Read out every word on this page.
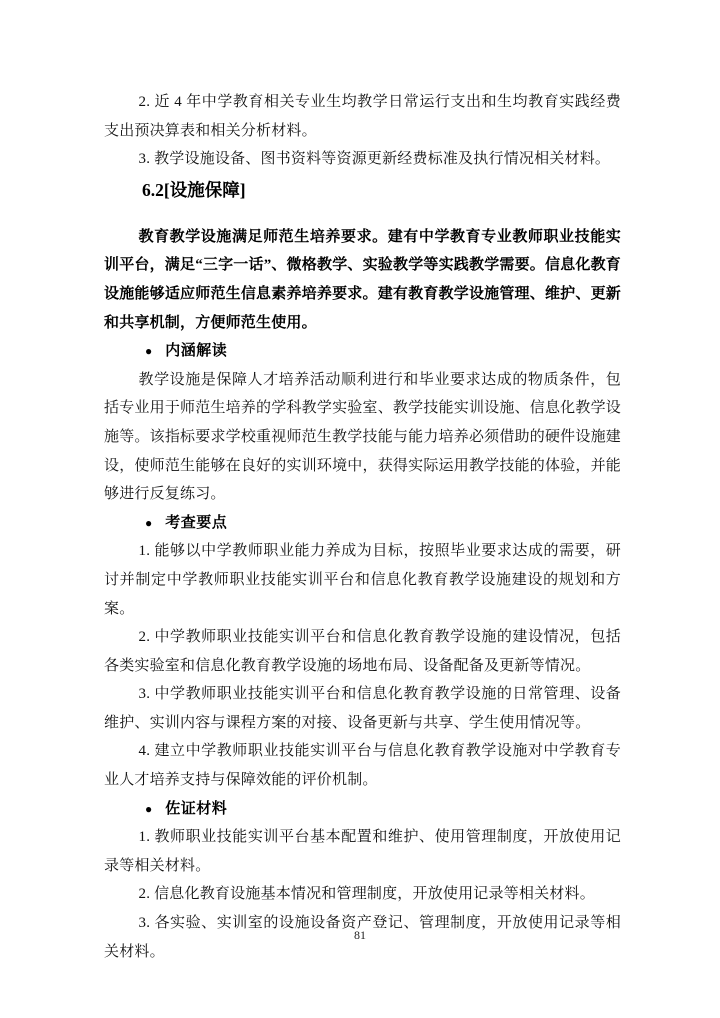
2. 近 4 年中学教育相关专业生均教学日常运行支出和生均教育实践经费支出预决算表和相关分析材料。

3. 教学设施设备、图书资料等资源更新经费标准及执行情况相关材料。

6.2[设施保障]

教育教学设施满足师范生培养要求。建有中学教育专业教师职业技能实训平台，满足“三字一话”、微格教学、实验教学等实践教学需要。信息化教育设施能够适应师范生信息素养培养要求。建有教育教学设施管理、维护、更新和共享机制，方便师范生使用。

● 内涵解读

教学设施是保障人才培养活动顺利进行和毕业要求达成的物质条件，包括专业用于师范生培养的学科教学实验室、教学技能实训设施、信息化教学设施等。该指标要求学校重视师范生教学技能与能力培养必须借助的硬件设施建设，使师范生能够在良好的实训环境中，获得实际运用教学技能的体验，并能够进行反复练习。

● 考查要点

1. 能够以中学教师职业能力养成为目标，按照毕业要求达成的需要，研讨并制定中学教师职业技能实训平台和信息化教育教学设施建设的规划和方案。

2. 中学教师职业技能实训平台和信息化教育教学设施的建设情况，包括各类实验室和信息化教育教学设施的场地布局、设备配备及更新等情况。

3. 中学教师职业技能实训平台和信息化教育教学设施的日常管理、设备维护、实训内容与课程方案的对接、设备更新与共享、学生使用情况等。

4. 建立中学教师职业技能实训平台与信息化教育教学设施对中学教育专业人才培养支持与保障效能的评价机制。

● 佐证材料

1. 教师职业技能实训平台基本配置和维护、使用管理制度，开放使用记录等相关材料。

2. 信息化教育设施基本情况和管理制度，开放使用记录等相关材料。

3. 各实验、实训室的设施设备资产登记、管理制度，开放使用记录等相关材料。

81
